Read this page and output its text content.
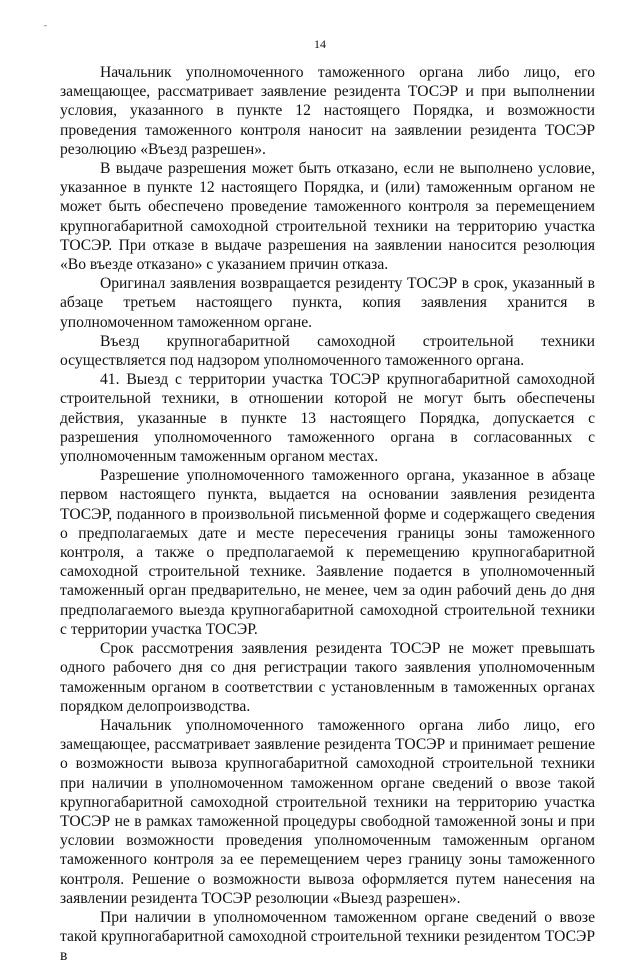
-
14

Начальник уполномоченного таможенного органа либо лицо, его замещающее, рассматривает заявление резидента ТОСЭР и при выполнении условия, указанного в пункте 12 настоящего Порядка, и возможности проведения таможенного контроля наносит на заявлении резидента ТОСЭР резолюцию «Въезд разрешен».

В выдаче разрешения может быть отказано, если не выполнено условие, указанное в пункте 12 настоящего Порядка, и (или) таможенным органом не может быть обеспечено проведение таможенного контроля за перемещением крупногабаритной самоходной строительной техники на территорию участка ТОСЭР. При отказе в выдаче разрешения на заявлении наносится резолюция «Во въезде отказано» с указанием причин отказа.

Оригинал заявления возвращается резиденту ТОСЭР в срок, указанный в абзаце третьем настоящего пункта, копия заявления хранится в уполномоченном таможенном органе.

Въезд крупногабаритной самоходной строительной техники осуществляется под надзором уполномоченного таможенного органа.

41. Выезд с территории участка ТОСЭР крупногабаритной самоходной строительной техники, в отношении которой не могут быть обеспечены действия, указанные в пункте 13 настоящего Порядка, допускается с разрешения уполномоченного таможенного органа в согласованных с уполномоченным таможенным органом местах.

Разрешение уполномоченного таможенного органа, указанное в абзаце первом настоящего пункта, выдается на основании заявления резидента ТОСЭР, поданного в произвольной письменной форме и содержащего сведения о предполагаемых дате и месте пересечения границы зоны таможенного контроля, а также о предполагаемой к перемещению крупногабаритной самоходной строительной технике. Заявление подается в уполномоченный таможенный орган предварительно, не менее, чем за один рабочий день до дня предполагаемого выезда крупногабаритной самоходной строительной техники с территории участка ТОСЭР.

Срок рассмотрения заявления резидента ТОСЭР не может превышать одного рабочего дня со дня регистрации такого заявления уполномоченным таможенным органом в соответствии с установленным в таможенных органах порядком делопроизводства.

Начальник уполномоченного таможенного органа либо лицо, его замещающее, рассматривает заявление резидента ТОСЭР и принимает решение о возможности вывоза крупногабаритной самоходной строительной техники при наличии в уполномоченном таможенном органе сведений о ввозе такой крупногабаритной самоходной строительной техники на территорию участка ТОСЭР не в рамках таможенной процедуры свободной таможенной зоны и при условии возможности проведения уполномоченным таможенным органом таможенного контроля за ее перемещением через границу зоны таможенного контроля. Решение о возможности вывоза оформляется путем нанесения на заявлении резидента ТОСЭР резолюции «Выезд разрешен».

При наличии в уполномоченном таможенном органе сведений о ввозе такой крупногабаритной самоходной строительной техники резидентом ТОСЭР в
